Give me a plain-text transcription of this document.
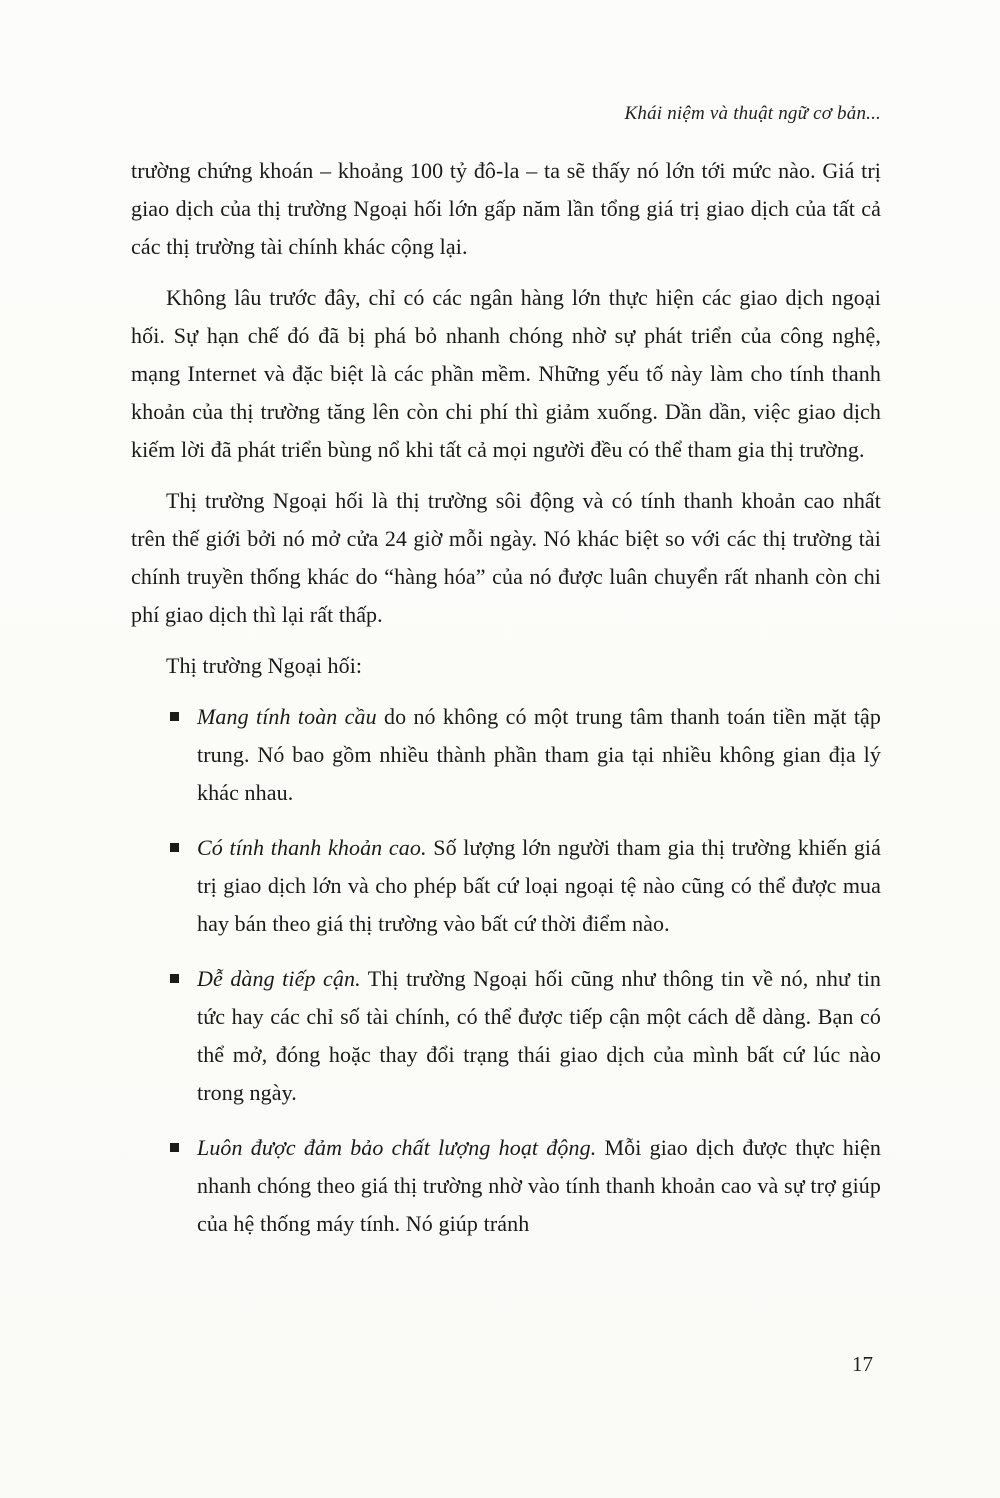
Khái niệm và thuật ngữ cơ bản...

trường chứng khoán – khoảng 100 tỷ đô-la – ta sẽ thấy nó lớn tới mức nào. Giá trị giao dịch của thị trường Ngoại hối lớn gấp năm lần tổng giá trị giao dịch của tất cả các thị trường tài chính khác cộng lại.

Không lâu trước đây, chỉ có các ngân hàng lớn thực hiện các giao dịch ngoại hối. Sự hạn chế đó đã bị phá bỏ nhanh chóng nhờ sự phát triển của công nghệ, mạng Internet và đặc biệt là các phần mềm. Những yếu tố này làm cho tính thanh khoản của thị trường tăng lên còn chi phí thì giảm xuống. Dần dần, việc giao dịch kiếm lời đã phát triển bùng nổ khi tất cả mọi người đều có thể tham gia thị trường.

Thị trường Ngoại hối là thị trường sôi động và có tính thanh khoản cao nhất trên thế giới bởi nó mở cửa 24 giờ mỗi ngày. Nó khác biệt so với các thị trường tài chính truyền thống khác do “hàng hóa” của nó được luân chuyển rất nhanh còn chi phí giao dịch thì lại rất thấp.

Thị trường Ngoại hối:

Mang tính toàn cầu do nó không có một trung tâm thanh toán tiền mặt tập trung. Nó bao gồm nhiều thành phần tham gia tại nhiều không gian địa lý khác nhau.
Có tính thanh khoản cao. Số lượng lớn người tham gia thị trường khiến giá trị giao dịch lớn và cho phép bất cứ loại ngoại tệ nào cũng có thể được mua hay bán theo giá thị trường vào bất cứ thời điểm nào.
Dễ dàng tiếp cận. Thị trường Ngoại hối cũng như thông tin về nó, như tin tức hay các chỉ số tài chính, có thể được tiếp cận một cách dễ dàng. Bạn có thể mở, đóng hoặc thay đổi trạng thái giao dịch của mình bất cứ lúc nào trong ngày.
Luôn được đảm bảo chất lượng hoạt động. Mỗi giao dịch được thực hiện nhanh chóng theo giá thị trường nhờ vào tính thanh khoản cao và sự trợ giúp của hệ thống máy tính. Nó giúp tránh
17
